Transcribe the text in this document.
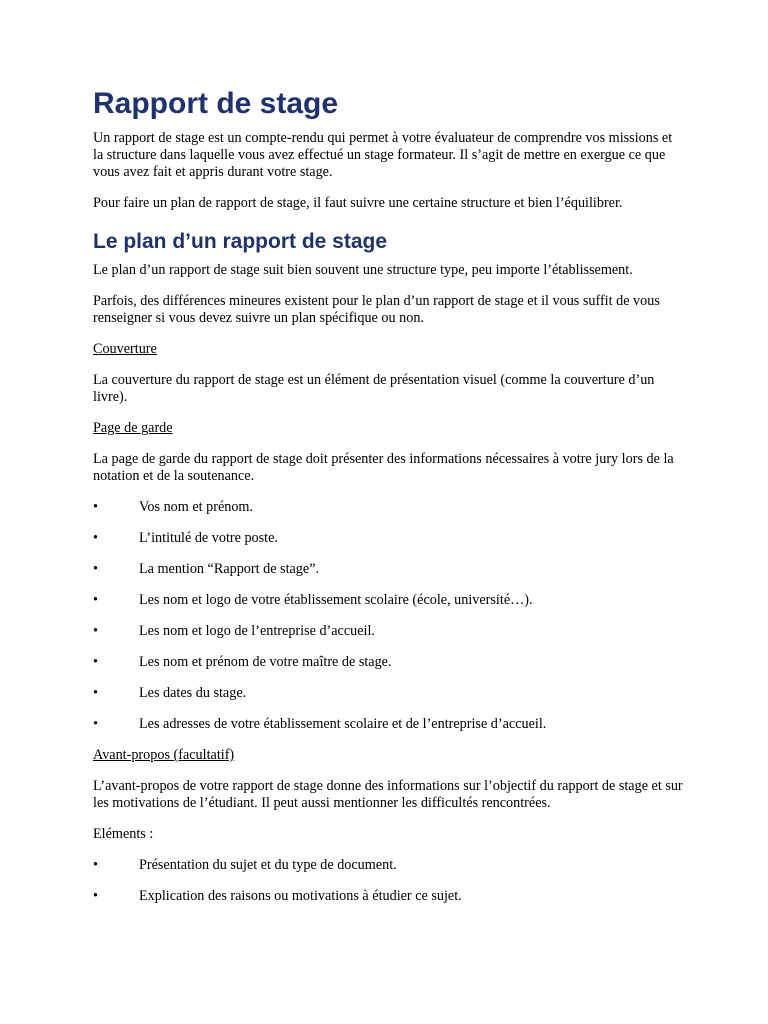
Rapport de stage

Un rapport de stage est un compte-rendu qui permet à votre évaluateur de comprendre vos missions et la structure dans laquelle vous avez effectué un stage formateur. Il s’agit de mettre en exergue ce que vous avez fait et appris durant votre stage.

Pour faire un plan de rapport de stage, il faut suivre une certaine structure et bien l’équilibrer.

Le plan d’un rapport de stage

Le plan d’un rapport de stage suit bien souvent une structure type, peu importe l’établissement.

Parfois, des différences mineures existent pour le plan d’un rapport de stage et il vous suffit de vous renseigner si vous devez suivre un plan spécifique ou non.

Couverture

La couverture du rapport de stage est un élément de présentation visuel (comme la couverture d’un livre).

Page de garde

La page de garde du rapport de stage doit présenter des informations nécessaires à votre jury lors de la notation et de la soutenance.

•	Vos nom et prénom.
•	L’intitulé de votre poste.
•	La mention “Rapport de stage”.
•	Les nom et logo de votre établissement scolaire (école, université…).
•	Les nom et logo de l’entreprise d’accueil.
•	Les nom et prénom de votre maître de stage.
•	Les dates du stage.
•	Les adresses de votre établissement scolaire et de l’entreprise d’accueil.

Avant-propos (facultatif)

L’avant-propos de votre rapport de stage donne des informations sur l’objectif du rapport de stage et sur les motivations de l’étudiant. Il peut aussi mentionner les difficultés rencontrées.

Eléments :

•	Présentation du sujet et du type de document.
•	Explication des raisons ou motivations à étudier ce sujet.
